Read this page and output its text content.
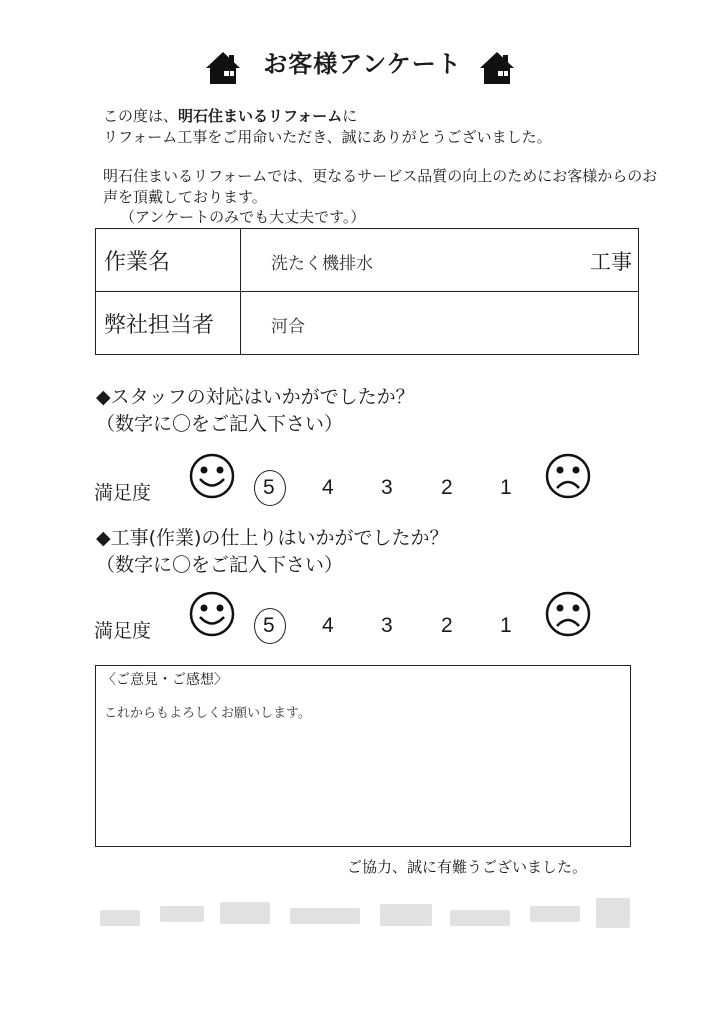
お客様アンケート
この度は、明石住まいるリフォームに
リフォーム工事をご用命いただき、誠にありがとうございました。
明石住まいるリフォームでは、更なるサービス品質の向上のためにお客様からのお声を頂戴しております。
（アンケートのみでも大丈夫です。）
作業名	洗たく機排水 工事

弊社担当者	河合
◆スタッフの対応はいかがでしたか？
（数字に〇をご記入下さい）
満足度	5 4 3 2 1
◆工事(作業)の仕上りはいかがでしたか？
（数字に〇をご記入下さい）
満足度	5 4 3 2 1
〈ご意見・ご感想〉
これからもよろしくお願いします。
ご協力、誠に有難うございました。
